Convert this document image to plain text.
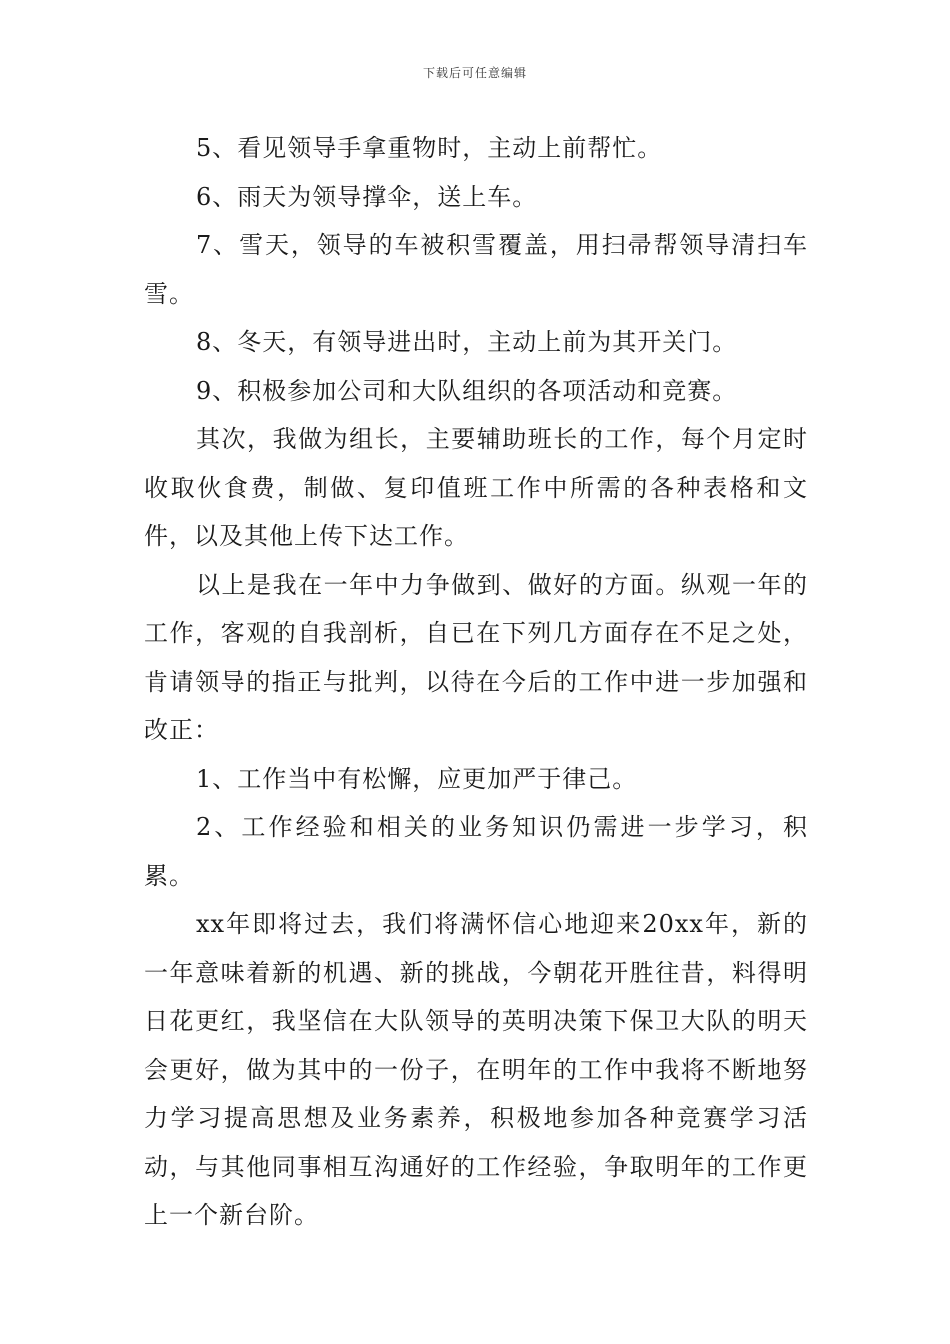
下载后可任意编辑

5、看见领导手拿重物时，主动上前帮忙。

6、雨天为领导撑伞，送上车。

7、雪天，领导的车被积雪覆盖，用扫帚帮领导清扫车雪。

8、冬天，有领导进出时，主动上前为其开关门。

9、积极参加公司和大队组织的各项活动和竞赛。

其次，我做为组长，主要辅助班长的工作，每个月定时收取伙食费，制做、复印值班工作中所需的各种表格和文件，以及其他上传下达工作。

以上是我在一年中力争做到、做好的方面。纵观一年的工作，客观的自我剖析，自已在下列几方面存在不足之处，肯请领导的指正与批判，以待在今后的工作中进一步加强和改正：

1、工作当中有松懈，应更加严于律己。

2、工作经验和相关的业务知识仍需进一步学习，积累。

xx年即将过去，我们将满怀信心地迎来20xx年，新的一年意味着新的机遇、新的挑战，今朝花开胜往昔，料得明日花更红，我坚信在大队领导的英明决策下保卫大队的明天会更好，做为其中的一份子，在明年的工作中我将不断地努力学习提高思想及业务素养，积极地参加各种竞赛学习活动，与其他同事相互沟通好的工作经验，争取明年的工作更上一个新台阶。
